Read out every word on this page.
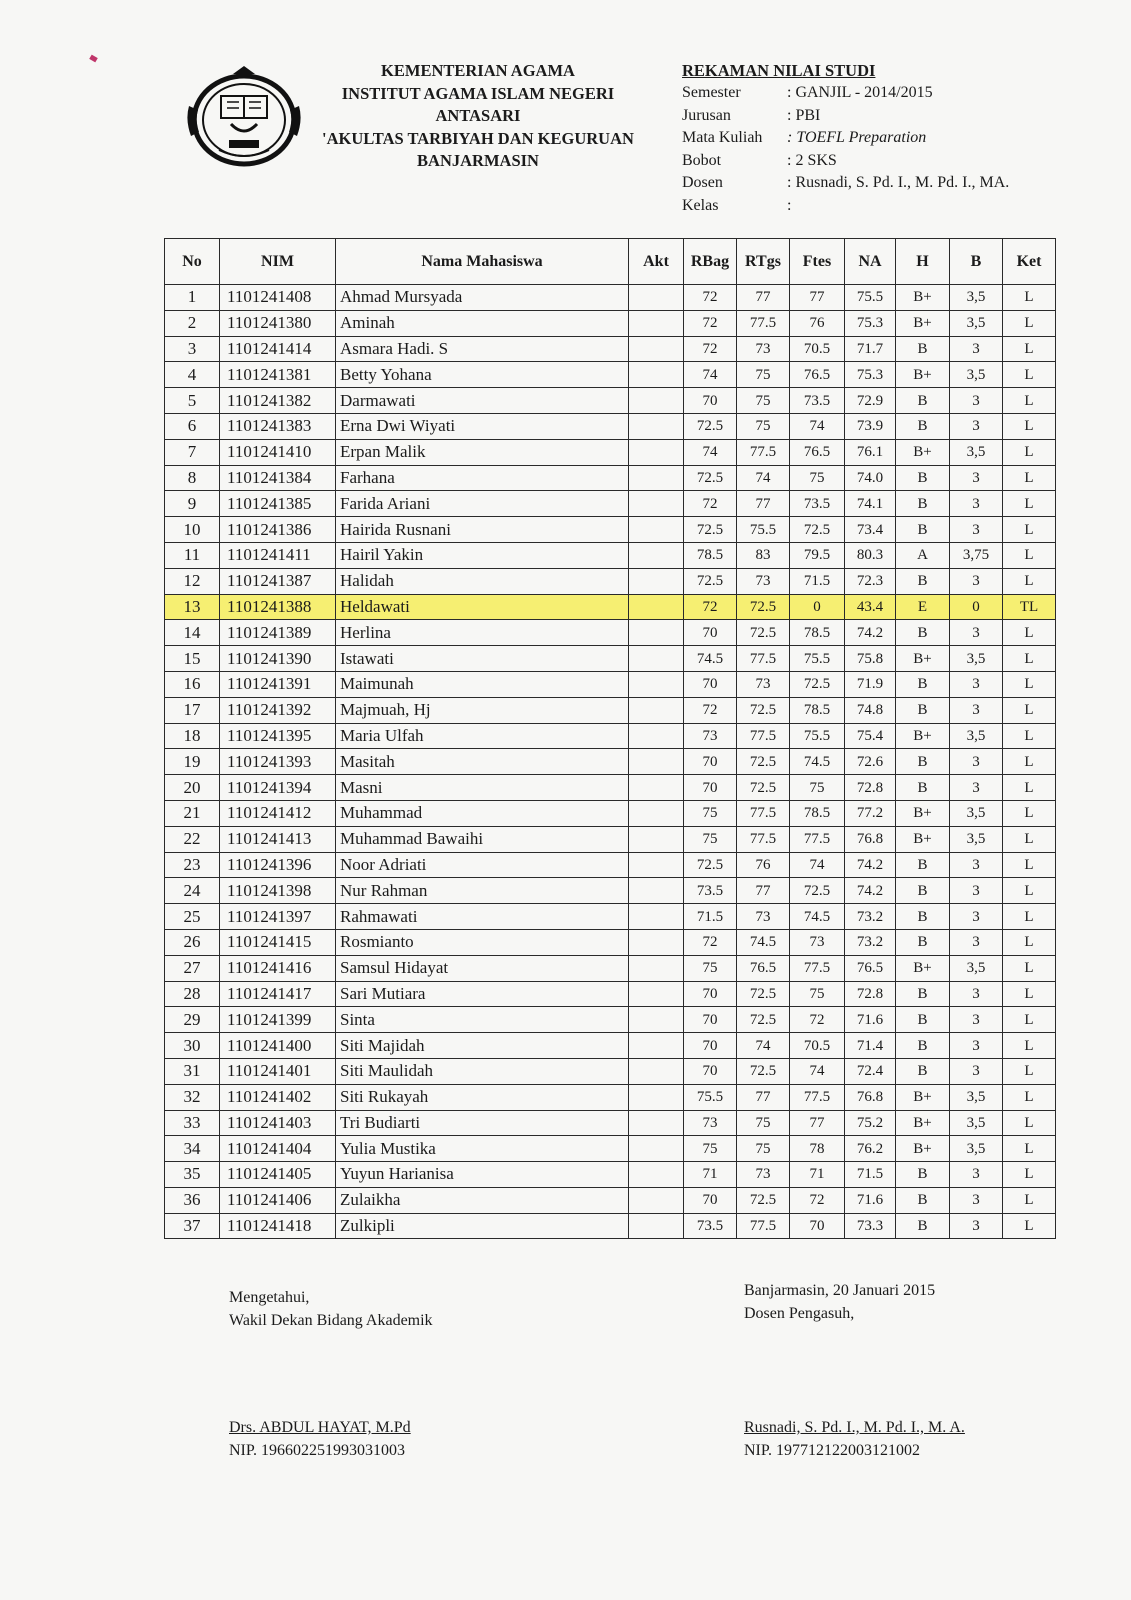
KEMENTERIAN AGAMA
INSTITUT AGAMA ISLAM NEGERI
ANTASARI
'AKULTAS TARBIYAH DAN KEGURUAN
BANJARMASIN
REKAMAN NILAI STUDI
Semester	: GANJIL - 2014/2015
Jurusan	: PBI
Mata Kuliah	: TOEFL Preparation
Bobot	: 2 SKS
Dosen	: Rusnadi, S. Pd. I., M. Pd. I., MA.
Kelas	:
No	NIM	Nama Mahasiswa	Akt	RBag	RTgs	Ftes	NA	H	B	Ket
1	1101241408	Ahmad Mursyada		72	77	77	75.5	B+	3,5	L
2	1101241380	Aminah		72	77.5	76	75.3	B+	3,5	L
3	1101241414	Asmara Hadi. S		72	73	70.5	71.7	B	3	L
4	1101241381	Betty Yohana		74	75	76.5	75.3	B+	3,5	L
5	1101241382	Darmawati		70	75	73.5	72.9	B	3	L
6	1101241383	Erna Dwi Wiyati		72.5	75	74	73.9	B	3	L
7	1101241410	Erpan Malik		74	77.5	76.5	76.1	B+	3,5	L
8	1101241384	Farhana		72.5	74	75	74.0	B	3	L
9	1101241385	Farida Ariani		72	77	73.5	74.1	B	3	L
10	1101241386	Hairida Rusnani		72.5	75.5	72.5	73.4	B	3	L
11	1101241411	Hairil Yakin		78.5	83	79.5	80.3	A	3,75	L
12	1101241387	Halidah		72.5	73	71.5	72.3	B	3	L
13	1101241388	Heldawati		72	72.5	0	43.4	E	0	TL
14	1101241389	Herlina		70	72.5	78.5	74.2	B	3	L
15	1101241390	Istawati		74.5	77.5	75.5	75.8	B+	3,5	L
16	1101241391	Maimunah		70	73	72.5	71.9	B	3	L
17	1101241392	Majmuah, Hj		72	72.5	78.5	74.8	B	3	L
18	1101241395	Maria Ulfah		73	77.5	75.5	75.4	B+	3,5	L
19	1101241393	Masitah		70	72.5	74.5	72.6	B	3	L
20	1101241394	Masni		70	72.5	75	72.8	B	3	L
21	1101241412	Muhammad		75	77.5	78.5	77.2	B+	3,5	L
22	1101241413	Muhammad Bawaihi		75	77.5	77.5	76.8	B+	3,5	L
23	1101241396	Noor Adriati		72.5	76	74	74.2	B	3	L
24	1101241398	Nur Rahman		73.5	77	72.5	74.2	B	3	L
25	1101241397	Rahmawati		71.5	73	74.5	73.2	B	3	L
26	1101241415	Rosmianto		72	74.5	73	73.2	B	3	L
27	1101241416	Samsul Hidayat		75	76.5	77.5	76.5	B+	3,5	L
28	1101241417	Sari Mutiara		70	72.5	75	72.8	B	3	L
29	1101241399	Sinta		70	72.5	72	71.6	B	3	L
30	1101241400	Siti Majidah		70	74	70.5	71.4	B	3	L
31	1101241401	Siti Maulidah		70	72.5	74	72.4	B	3	L
32	1101241402	Siti Rukayah		75.5	77	77.5	76.8	B+	3,5	L
33	1101241403	Tri Budiarti		73	75	77	75.2	B+	3,5	L
34	1101241404	Yulia Mustika		75	75	78	76.2	B+	3,5	L
35	1101241405	Yuyun Harianisa		71	73	71	71.5	B	3	L
36	1101241406	Zulaikha		70	72.5	72	71.6	B	3	L
37	1101241418	Zulkipli		73.5	77.5	70	73.3	B	3	L
Mengetahui,
Wakil Dekan Bidang Akademik
Drs. ABDUL HAYAT, M.Pd
NIP. 196602251993031003
Banjarmasin, 20 Januari 2015
Dosen Pengasuh,
Rusnadi, S. Pd. I., M. Pd. I., M. A.
NIP. 197712122003121002
